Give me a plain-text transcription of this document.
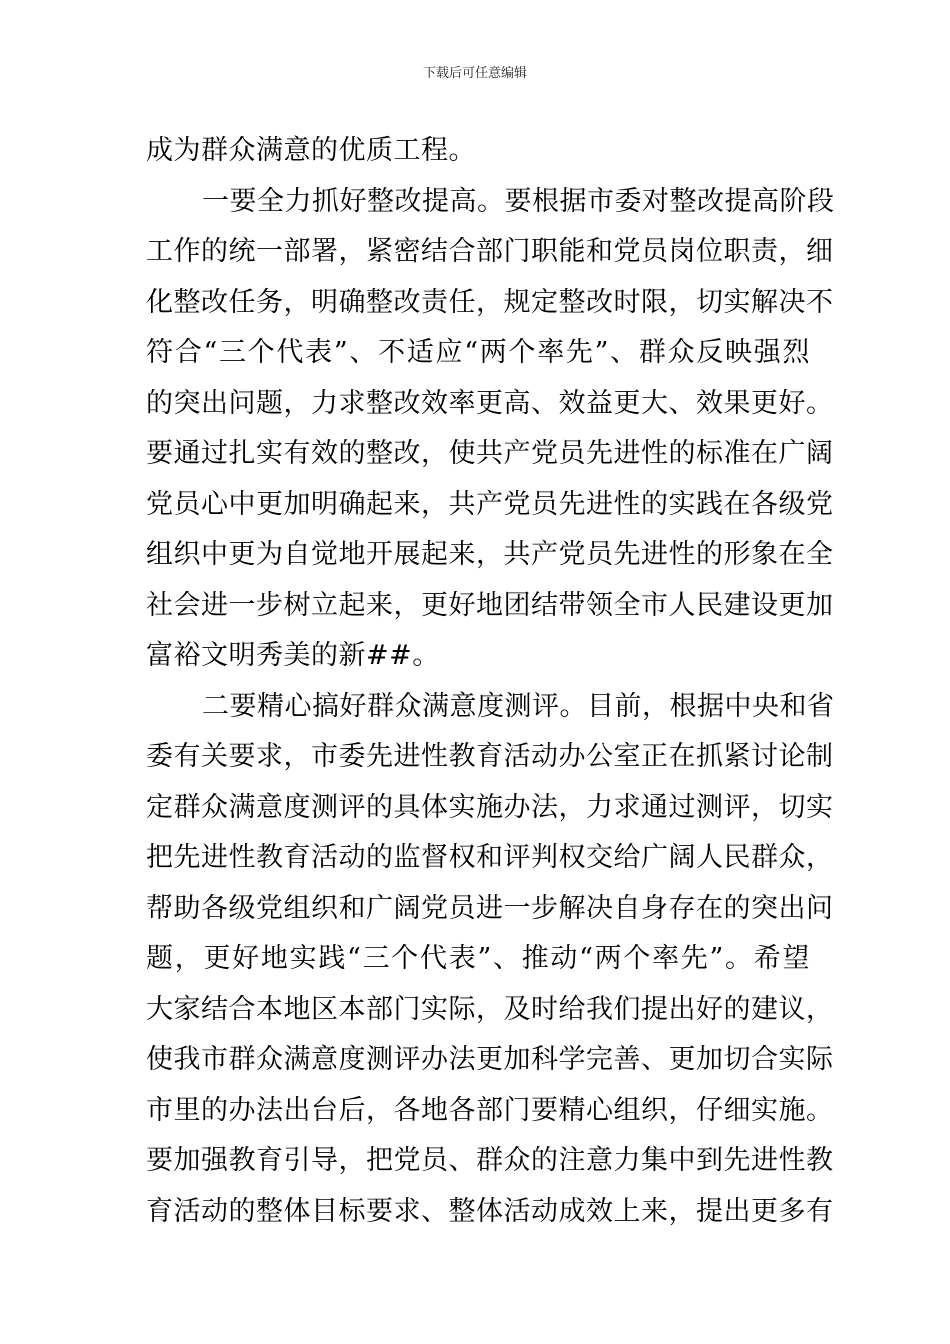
下载后可任意编辑
成为群众满意的优质工程。
一要全力抓好整改提高。要根据市委对整改提高阶段
工作的统一部署，紧密结合部门职能和党员岗位职责，细
化整改任务，明确整改责任，规定整改时限，切实解决不
符合“三个代表”、不适应“两个率先”、群众反映强烈
的突出问题，力求整改效率更高、效益更大、效果更好。
要通过扎实有效的整改，使共产党员先进性的标准在广阔
党员心中更加明确起来，共产党员先进性的实践在各级党
组织中更为自觉地开展起来，共产党员先进性的形象在全
社会进一步树立起来，更好地团结带领全市人民建设更加
富裕文明秀美的新##。
二要精心搞好群众满意度测评。目前，根据中央和省
委有关要求，市委先进性教育活动办公室正在抓紧讨论制
定群众满意度测评的具体实施办法，力求通过测评，切实
把先进性教育活动的监督权和评判权交给广阔人民群众，
帮助各级党组织和广阔党员进一步解决自身存在的突出问
题，更好地实践“三个代表”、推动“两个率先”。希望
大家结合本地区本部门实际，及时给我们提出好的建议，
使我市群众满意度测评办法更加科学完善、更加切合实际
市里的办法出台后，各地各部门要精心组织，仔细实施。
要加强教育引导，把党员、群众的注意力集中到先进性教
育活动的整体目标要求、整体活动成效上来，提出更多有
